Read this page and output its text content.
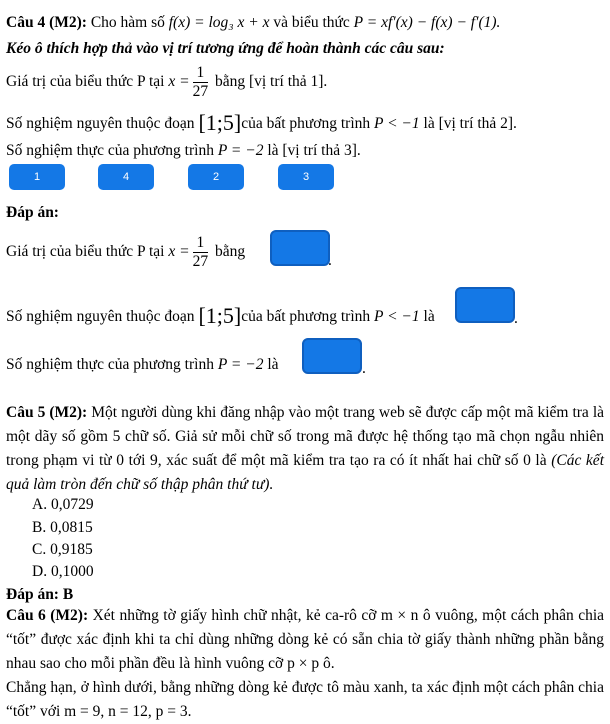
Câu 4 (M2): Cho hàm số f(x) = log₃ x + x và biểu thức P = xf′(x) − f(x) − f′(1).
Kéo ô thích hợp thả vào vị trí tương ứng để hoàn thành các câu sau:
Giá trị của biểu thức P tại $x = \frac{1}{27}$ bằng [vị trí thả 1].
Số nghiệm nguyên thuộc đoạn [1;5]của bất phương trình P < −1 là [vị trí thả 2].
Số nghiệm thực của phương trình P = −2 là [vị trí thả 3].
1	4	2	3
Đáp án:
Giá trị của biểu thức P tại $x = \frac{1}{27}$ bằng
.
Số nghiệm nguyên thuộc đoạn [1;5]của bất phương trình P < −1 là	.
Số nghiệm thực của phương trình P = −2 là	.
Câu 5 (M2): Một người dùng khi đăng nhập vào một trang web sẽ được cấp một mã kiểm tra là một dãy số gồm 5 chữ số. Giả sử mỗi chữ số trong mã được hệ thống tạo mã chọn ngẫu nhiên trong phạm vi từ 0 tới 9, xác suất để một mã kiểm tra tạo ra có ít nhất hai chữ số 0 là (Các kết quả làm tròn đến chữ số thập phân thứ tư).
A. 0,0729
B. 0,0815
C. 0,9185
D. 0,1000
Đáp án: B
Câu 6 (M2): Xét những tờ giấy hình chữ nhật, kẻ ca-rô cỡ m × n ô vuông, một cách phân chia “tốt” được xác định khi ta chỉ dùng những dòng kẻ có sẵn chia tờ giấy thành những phần bằng nhau sao cho mỗi phần đều là hình vuông cỡ p × p ô.
Chẳng hạn, ở hình dưới, bằng những dòng kẻ được tô màu xanh, ta xác định một cách phân chia “tốt” với m = 9, n = 12, p = 3.
